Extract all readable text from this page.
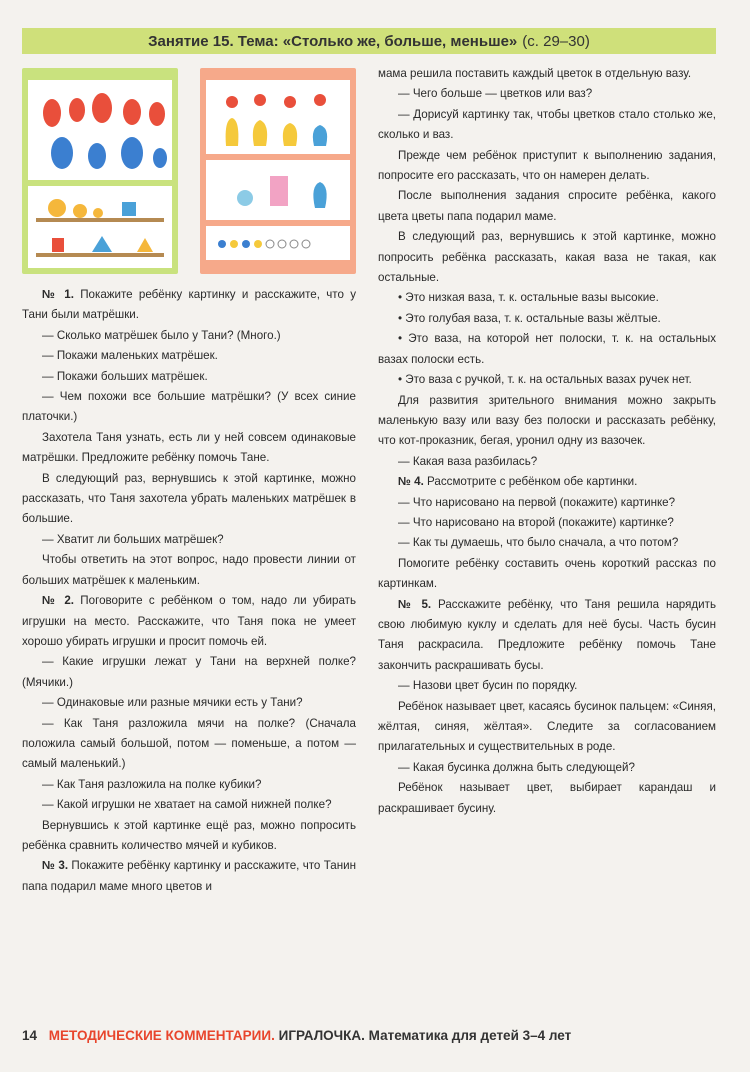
Занятие 15. Тема: «Столько же, больше, меньше» (с. 29–30)

№ 1. Покажите ребёнку картинку и расскажите, что у Тани были матрёшки.

— Сколько матрёшек было у Тани? (Много.)

— Покажи маленьких матрёшек.

— Покажи больших матрёшек.

— Чем похожи все большие матрёшки? (У всех синие платочки.)

Захотела Таня узнать, есть ли у ней совсем одинаковые матрёшки. Предложите ребёнку помочь Тане.

В следующий раз, вернувшись к этой картинке, можно рассказать, что Таня захотела убрать маленьких матрёшек в большие.

— Хватит ли больших матрёшек?

Чтобы ответить на этот вопрос, надо провести линии от больших матрёшек к маленьким.

№ 2. Поговорите с ребёнком о том, надо ли убирать игрушки на место. Расскажите, что Таня пока не умеет хорошо убирать игрушки и просит помочь ей.

— Какие игрушки лежат у Тани на верхней полке? (Мячики.)

— Одинаковые или разные мячики есть у Тани?

— Как Таня разложила мячи на полке? (Сначала положила самый большой, потом — поменьше, а потом — самый маленький.)

— Как Таня разложила на полке кубики?

— Какой игрушки не хватает на самой нижней полке?

Вернувшись к этой картинке ещё раз, можно попросить ребёнка сравнить количество мячей и кубиков.

№ 3. Покажите ребёнку картинку и расскажите, что Танин папа подарил маме много цветов и

мама решила поставить каждый цветок в отдельную вазу.

— Чего больше — цветков или ваз?

— Дорисуй картинку так, чтобы цветков стало столько же, сколько и ваз.

Прежде чем ребёнок приступит к выполнению задания, попросите его рассказать, что он намерен делать.

После выполнения задания спросите ребёнка, какого цвета цветы папа подарил маме.

В следующий раз, вернувшись к этой картинке, можно попросить ребёнка рассказать, какая ваза не такая, как остальные.

• Это низкая ваза, т. к. остальные вазы высокие.

• Это голубая ваза, т. к. остальные вазы жёлтые.

• Это ваза, на которой нет полоски, т. к. на остальных вазах полоски есть.

• Это ваза с ручкой, т. к. на остальных вазах ручек нет.

Для развития зрительного внимания можно закрыть маленькую вазу или вазу без полоски и рассказать ребёнку, что кот-проказник, бегая, уронил одну из вазочек.

— Какая ваза разбилась?

№ 4. Рассмотрите с ребёнком обе картинки.

— Что нарисовано на первой (покажите) картинке?

— Что нарисовано на второй (покажите) картинке?

— Как ты думаешь, что было сначала, а что потом?

Помогите ребёнку составить очень короткий рассказ по картинкам.

№ 5. Расскажите ребёнку, что Таня решила нарядить свою любимую куклу и сделать для неё бусы. Часть бусин Таня раскрасила. Предложите ребёнку помочь Тане закончить раскрашивать бусы.

— Назови цвет бусин по порядку.

Ребёнок называет цвет, касаясь бусинок пальцем: «Синяя, жёлтая, синяя, жёлтая». Следите за согласованием прилагательных и существительных в роде.

— Какая бусинка должна быть следующей?

Ребёнок называет цвет, выбирает карандаш и раскрашивает бусину.

14 МЕТОДИЧЕСКИЕ КОММЕНТАРИИ. ИГРАЛОЧКА. Математика для детей 3–4 лет
